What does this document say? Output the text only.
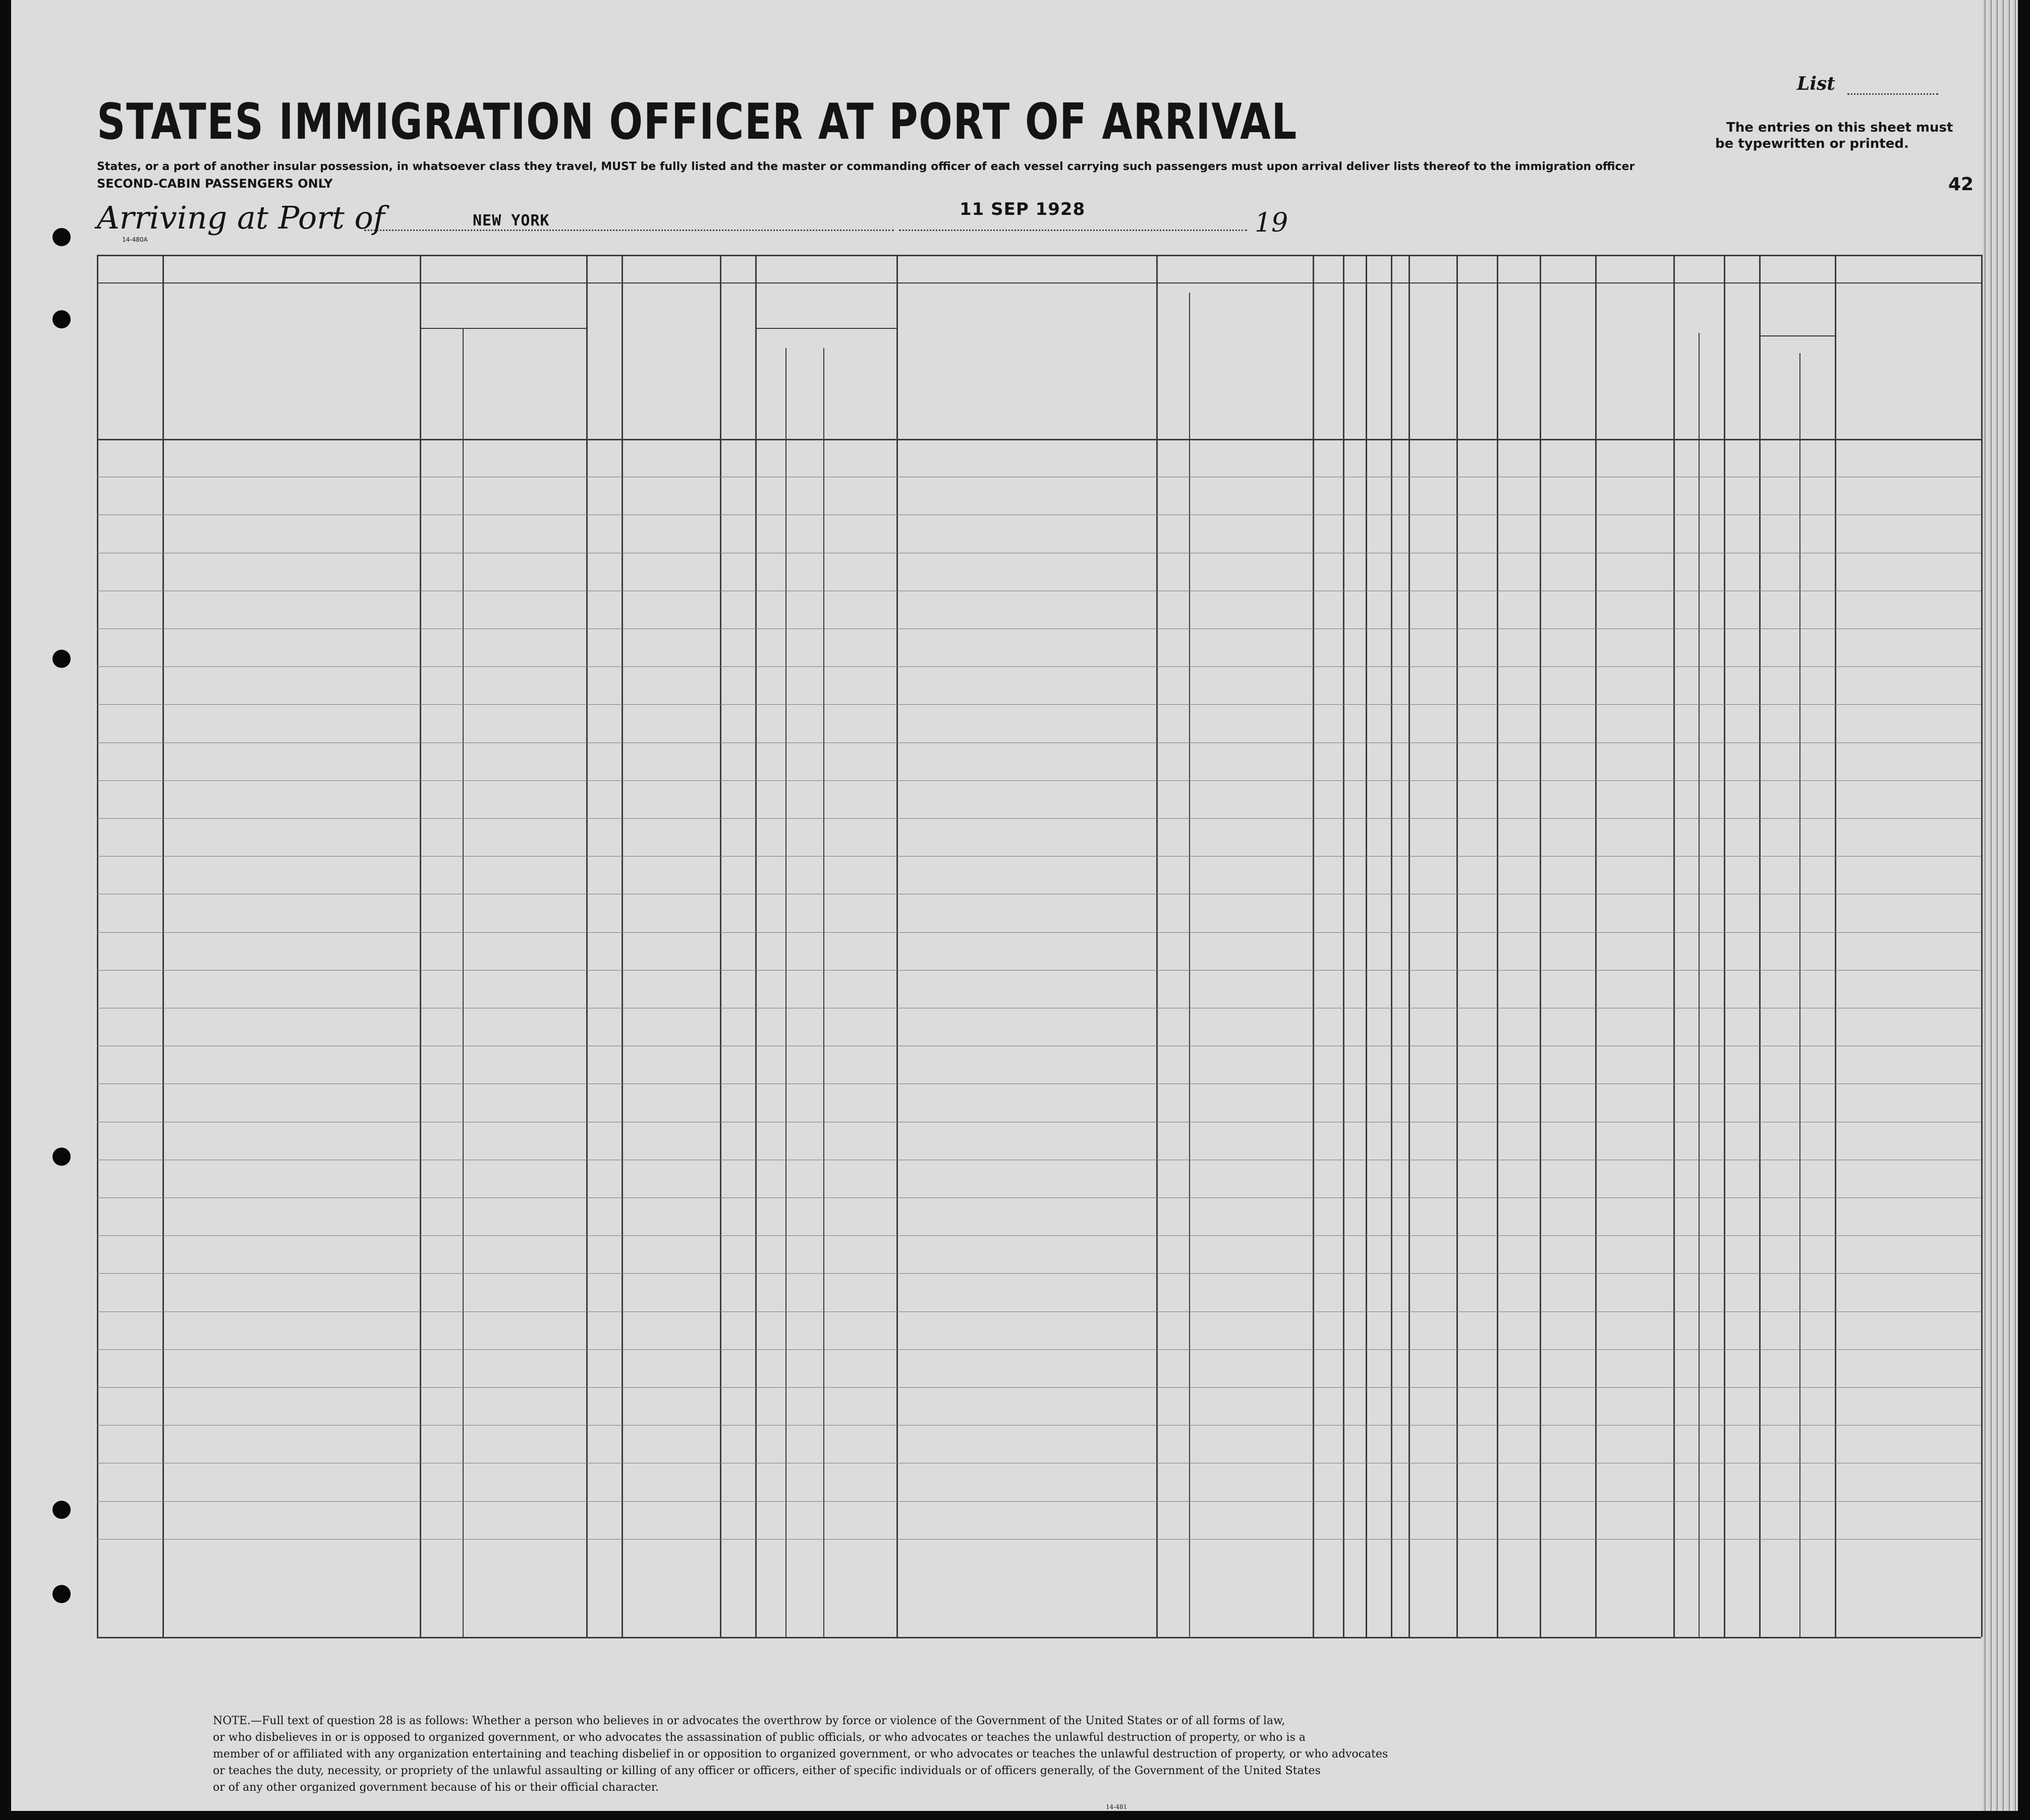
STATES IMMIGRATION OFFICER AT PORT OF ARRIVAL
States, or a port of another insular possession, in whatsoever class they travel, MUST be fully listed and the master or commanding officer of each vessel carrying such passengers must upon arrival deliver lists thereof to the immigration officer
SECOND-CABIN PASSENGERS ONLY
Arriving at Port of	NEW YORK
11 SEP 1928	19
14-480A
List
The entries on this sheet must
be typewritten or printed.
42
NOTE.—Full text of question 28 is as follows: Whether a person who believes in or advocates the overthrow by force or violence of the Government of the United States or of all forms of law,
or who disbelieves in or is opposed to organized government, or who advocates the assassination of public officials, or who advocates or teaches the unlawful destruction of property, or who is a
member of or affiliated with any organization entertaining and teaching disbelief in or opposition to organized government, or who advocates or teaches the unlawful destruction of property, or who advocates
or teaches the duty, necessity, or propriety of the unlawful assaulting or killing of any officer or officers, either of specific individuals or of officers generally, of the Government of the United States
or of any other organized government because of his or their official character.
14-481
